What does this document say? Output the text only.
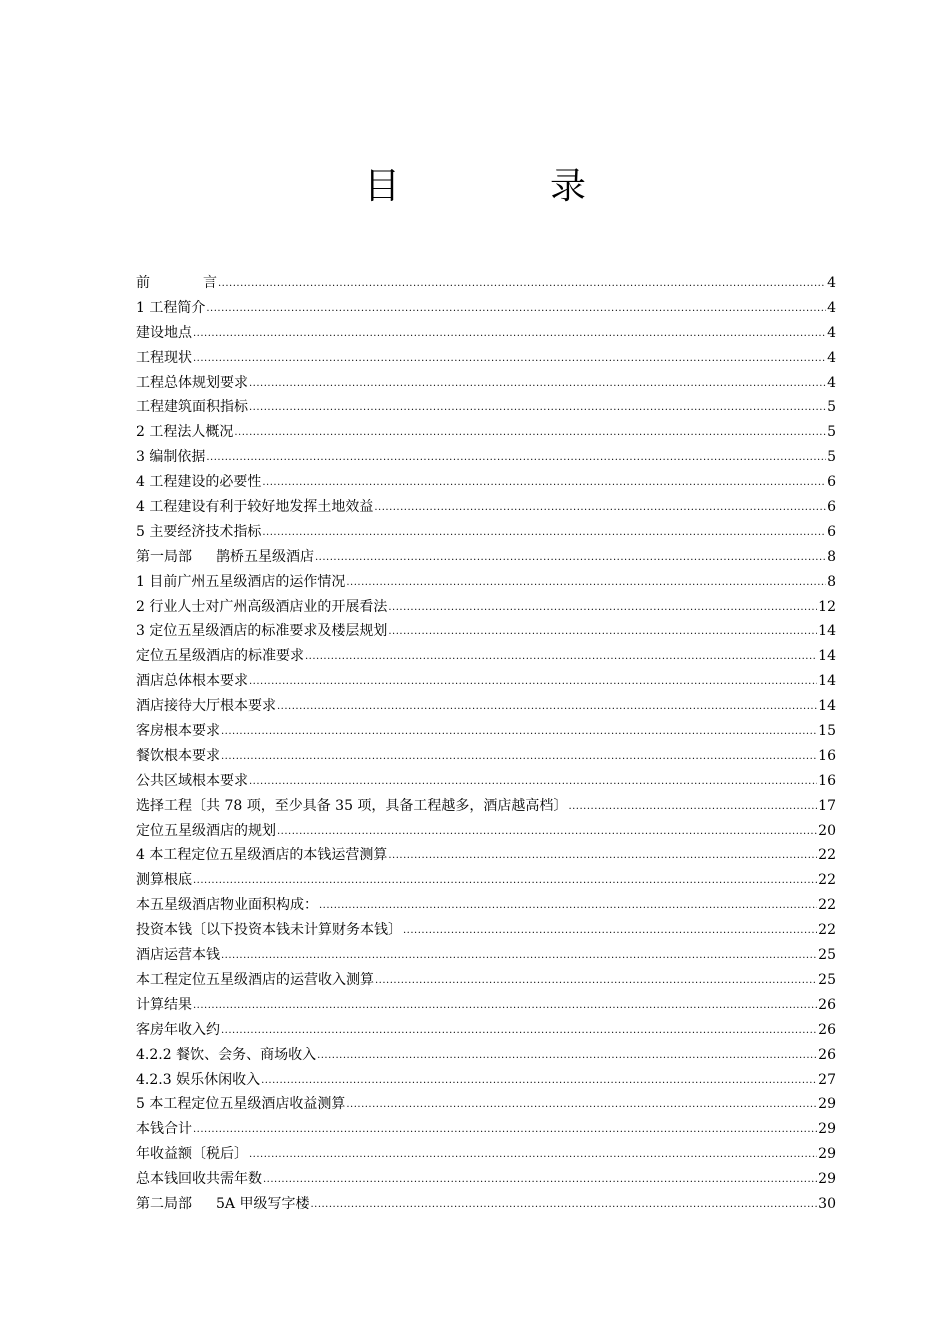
目	录
前	言 .....	4
1 工程简介 .....	4
建设地点 .....	4
工程现状 .....	4
工程总体规划要求 .....	4
工程建筑面积指标 .....	5
2 工程法人概况 .....	5
3 编制依据 .....	5
4 工程建设的必要性 .....	6
4 工程建设有利于较好地发挥土地效益 .....	6
5 主要经济技术指标 .....	6
第一局部 鹊桥五星级酒店 .....	8
1 目前广州五星级酒店的运作情况 .....	8
2 行业人士对广州高级酒店业的开展看法 .....	12
3 定位五星级酒店的标准要求及楼层规划 .....	14
定位五星级酒店的标准要求 .....	14
酒店总体根本要求 .....	14
酒店接待大厅根本要求 .....	14
客房根本要求 .....	15
餐饮根本要求 .....	16
公共区域根本要求 .....	16
选择工程〔共 78 项，至少具备 35 项，具备工程越多，酒店越高档〕 .....	17
定位五星级酒店的规划 .....	20
4 本工程定位五星级酒店的本钱运营测算 .....	22
测算根底 .....	22
本五星级酒店物业面积构成： .....	22
投资本钱〔以下投资本钱未计算财务本钱〕 .....	22
酒店运营本钱 .....	25
本工程定位五星级酒店的运营收入测算 .....	25
计算结果 .....	26
客房年收入约 .....	26
4.2.2 餐饮、会务、商场收入 .....	26
4.2.3 娱乐休闲收入 .....	27
5 本工程定位五星级酒店收益测算 .....	29
本钱合计 .....	29
年收益额〔税后〕 .....	29
总本钱回收共需年数 .....	29
第二局部 5A 甲级写字楼 .....	30
